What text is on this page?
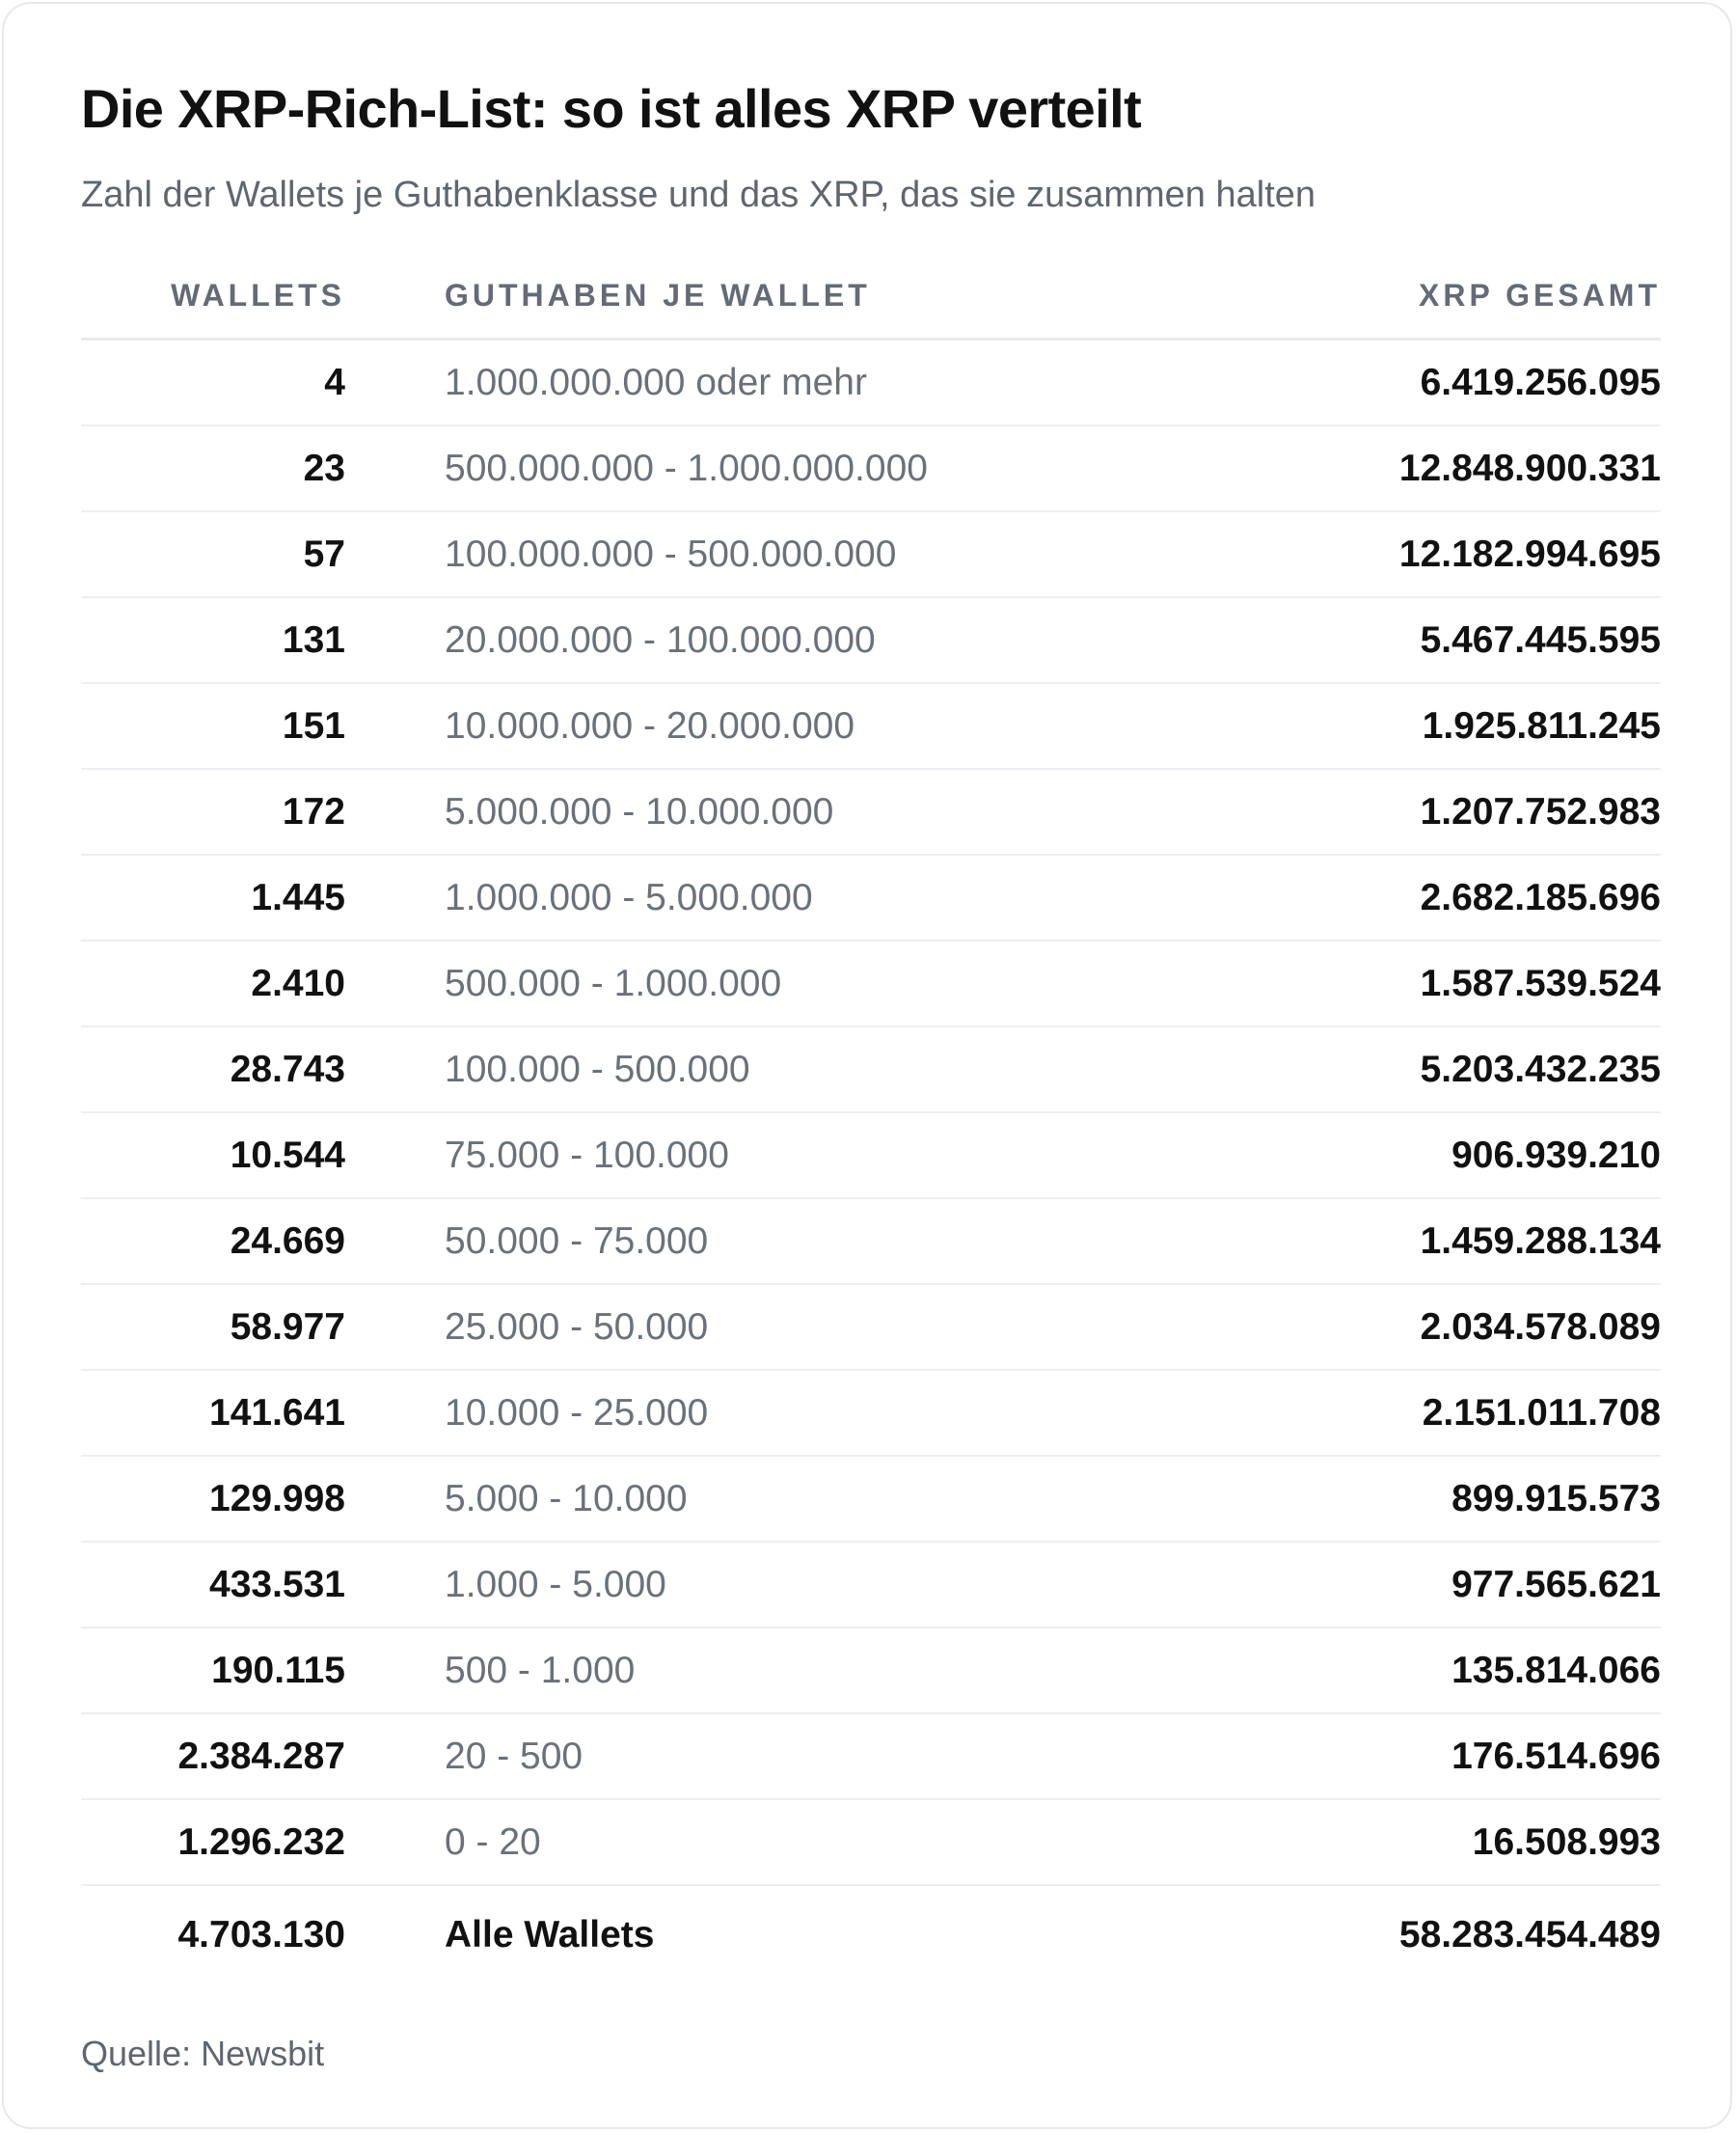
Die XRP-Rich-List: so ist alles XRP verteilt

Zahl der Wallets je Guthabenklasse und das XRP, das sie zusammen halten

WALLETS	GUTHABEN JE WALLET	XRP GESAMT
4	1.000.000.000 oder mehr	6.419.256.095
23	500.000.000 - 1.000.000.000	12.848.900.331
57	100.000.000 - 500.000.000	12.182.994.695
131	20.000.000 - 100.000.000	5.467.445.595
151	10.000.000 - 20.000.000	1.925.811.245
172	5.000.000 - 10.000.000	1.207.752.983
1.445	1.000.000 - 5.000.000	2.682.185.696
2.410	500.000 - 1.000.000	1.587.539.524
28.743	100.000 - 500.000	5.203.432.235
10.544	75.000 - 100.000	906.939.210
24.669	50.000 - 75.000	1.459.288.134
58.977	25.000 - 50.000	2.034.578.089
141.641	10.000 - 25.000	2.151.011.708
129.998	5.000 - 10.000	899.915.573
433.531	1.000 - 5.000	977.565.621
190.115	500 - 1.000	135.814.066
2.384.287	20 - 500	176.514.696
1.296.232	0 - 20	16.508.993
4.703.130	Alle Wallets	58.283.454.489

Quelle: Newsbit
